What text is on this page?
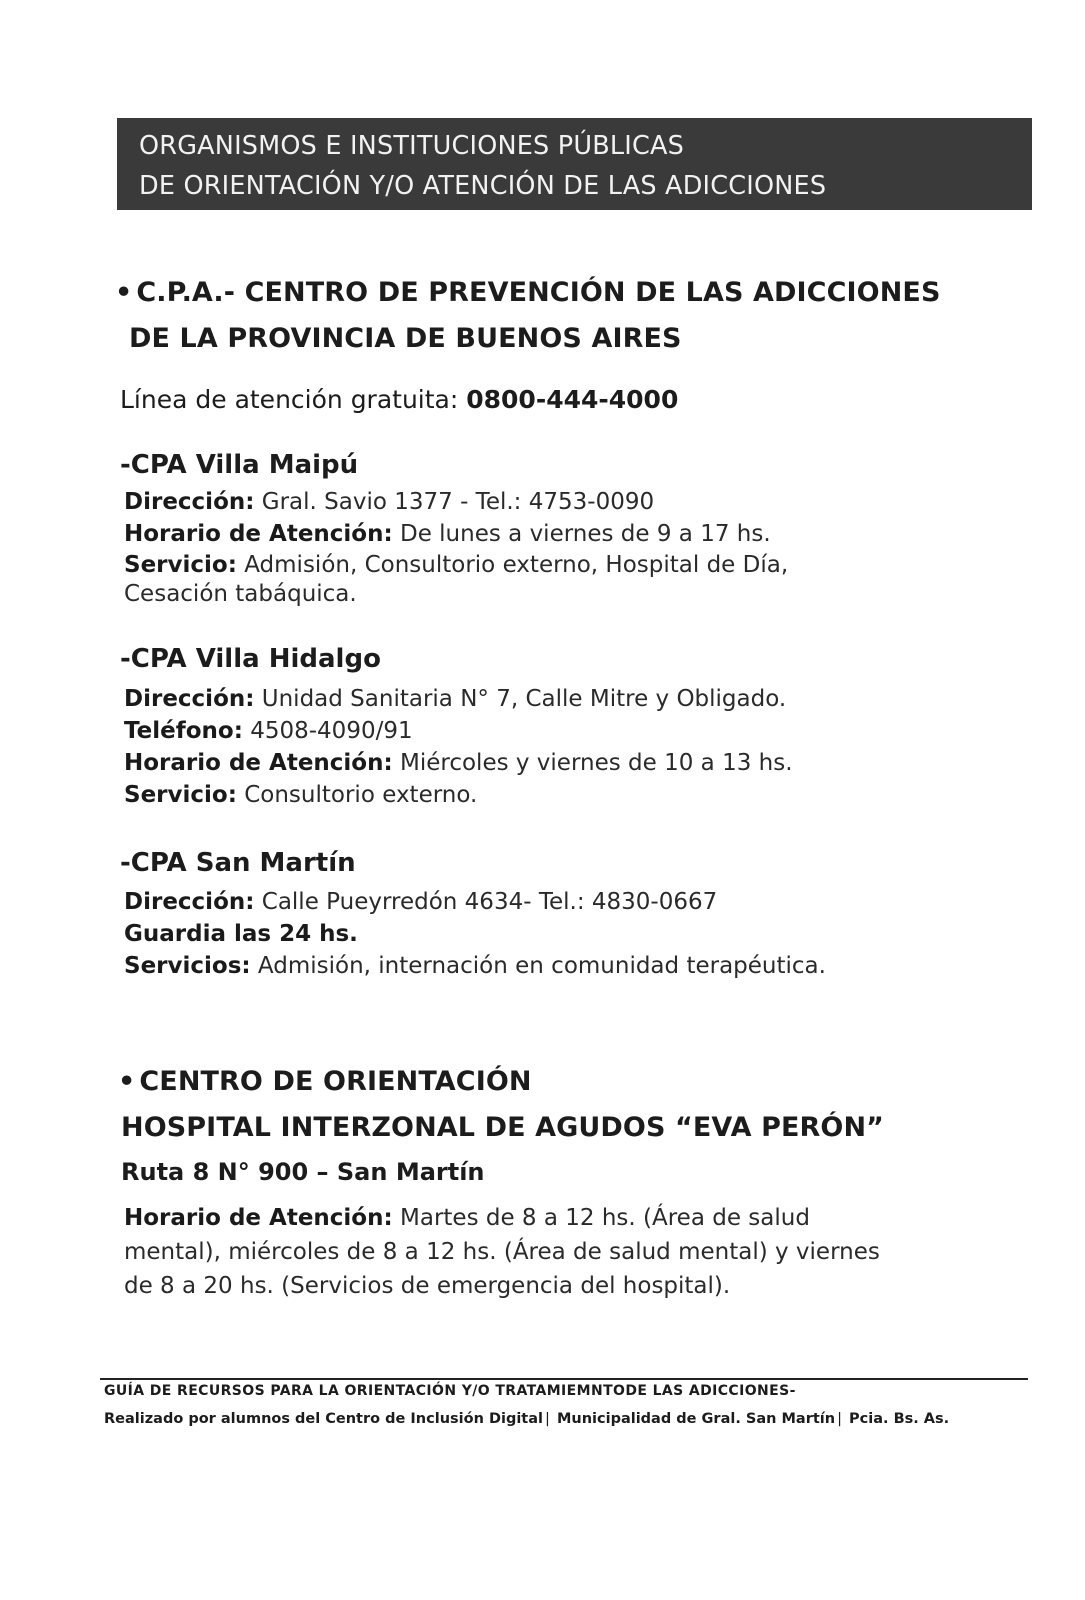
ORGANISMOS E INSTITUCIONES PÚBLICAS
DE ORIENTACIÓN Y/O ATENCIÓN DE LAS ADICCIONES
• C.P.A.- CENTRO DE PREVENCIÓN DE LAS ADICCIONES
DE LA PROVINCIA DE BUENOS AIRES
Línea de atención gratuita: 0800-444-4000
-CPA Villa Maipú
Dirección: Gral. Savio 1377 - Tel.: 4753-0090
Horario de Atención: De lunes a viernes de 9 a 17 hs.
Servicio: Admisión, Consultorio externo, Hospital de Día,
Cesación tabáquica.
-CPA Villa Hidalgo
Dirección: Unidad Sanitaria N° 7, Calle Mitre y Obligado.
Teléfono: 4508-4090/91
Horario de Atención: Miércoles y viernes de 10 a 13 hs.
Servicio: Consultorio externo.
-CPA San Martín
Dirección: Calle Pueyrredón 4634- Tel.: 4830-0667
Guardia las 24 hs.
Servicios: Admisión, internación en comunidad terapéutica.
• CENTRO DE ORIENTACIÓN
HOSPITAL INTERZONAL DE AGUDOS “EVA PERÓN”
Ruta 8 N° 900 – San Martín
Horario de Atención: Martes de 8 a 12 hs. (Área de salud
mental), miércoles de 8 a 12 hs. (Área de salud mental) y viernes
de 8 a 20 hs. (Servicios de emergencia del hospital).
GUÍA DE RECURSOS PARA LA ORIENTACIÓN Y/O TRATAMIEMNTODE LAS ADICCIONES-
Realizado por alumnos del Centro de Inclusión Digital | Municipalidad de Gral. San Martín | Pcia. Bs. As.
